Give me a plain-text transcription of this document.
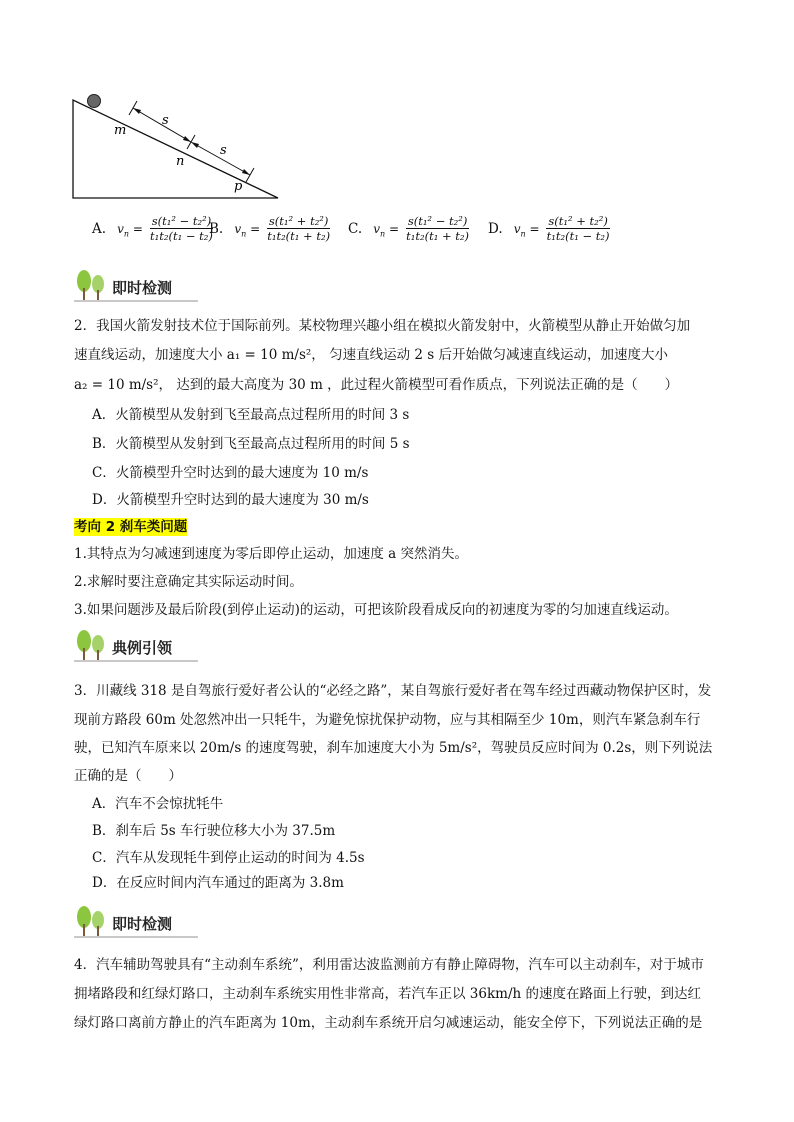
m
n
p
s
s
A. $v_n = \frac{\text{s(t₁² − t₂²)}}{\text{t₁t₂(t₁ − t₂)}}$
B. $v_n = \frac{\text{s(t₁² + t₂²)}}{\text{t₁t₂(t₁ + t₂)}} C$. $v_n = \frac{\text{s(t₁² − t₂²)}}{\text{t₁t₂(t₁ + t₂)}} D$. $v_n = \frac{\text{s(t₁² + t₂²)}}{\text{t₁t₂(t₁ − t₂)}}$
即时检测
2．我国火箭发射技术位于国际前列。某校物理兴趣小组在模拟火箭发射中，火箭模型从静止开始做匀加
速直线运动，加速度大小 a₁ = 10 m/s²， 匀速直线运动 2 s 后开始做匀减速直线运动，加速度大小
a₂ = 10 m/s²， 达到的最大高度为 30 m ，此过程火箭模型可看作质点，下列说法正确的是（　　）
A．火箭模型从发射到飞至最高点过程所用的时间 3 s
B．火箭模型从发射到飞至最高点过程所用的时间 5 s
C．火箭模型升空时达到的最大速度为 10 m/s
D．火箭模型升空时达到的最大速度为 30 m/s
考向 2 刹车类问题
1.其特点为匀减速到速度为零后即停止运动，加速度 a 突然消失。
2.求解时要注意确定其实际运动时间。
3.如果问题涉及最后阶段(到停止运动)的运动，可把该阶段看成反向的初速度为零的匀加速直线运动。
典例引领
3．川藏线 318 是自驾旅行爱好者公认的“必经之路”，某自驾旅行爱好者在驾车经过西藏动物保护区时，发
现前方路段 60m 处忽然冲出一只牦牛，为避免惊扰保护动物，应与其相隔至少 10m，则汽车紧急刹车行
驶，已知汽车原来以 20m/s 的速度驾驶，刹车加速度大小为 5m/s²，驾驶员反应时间为 0.2s，则下列说法
正确的是（　　）
A．汽车不会惊扰牦牛
B．刹车后 5s 车行驶位移大小为 37.5m
C．汽车从发现牦牛到停止运动的时间为 4.5s
D．在反应时间内汽车通过的距离为 3.8m
即时检测
4．汽车辅助驾驶具有“主动刹车系统”，利用雷达波监测前方有静止障碍物，汽车可以主动刹车，对于城市
拥堵路段和红绿灯路口，主动刹车系统实用性非常高，若汽车正以 36km/h 的速度在路面上行驶，到达红
绿灯路口离前方静止的汽车距离为 10m，主动刹车系统开启匀减速运动，能安全停下，下列说法正确的是
